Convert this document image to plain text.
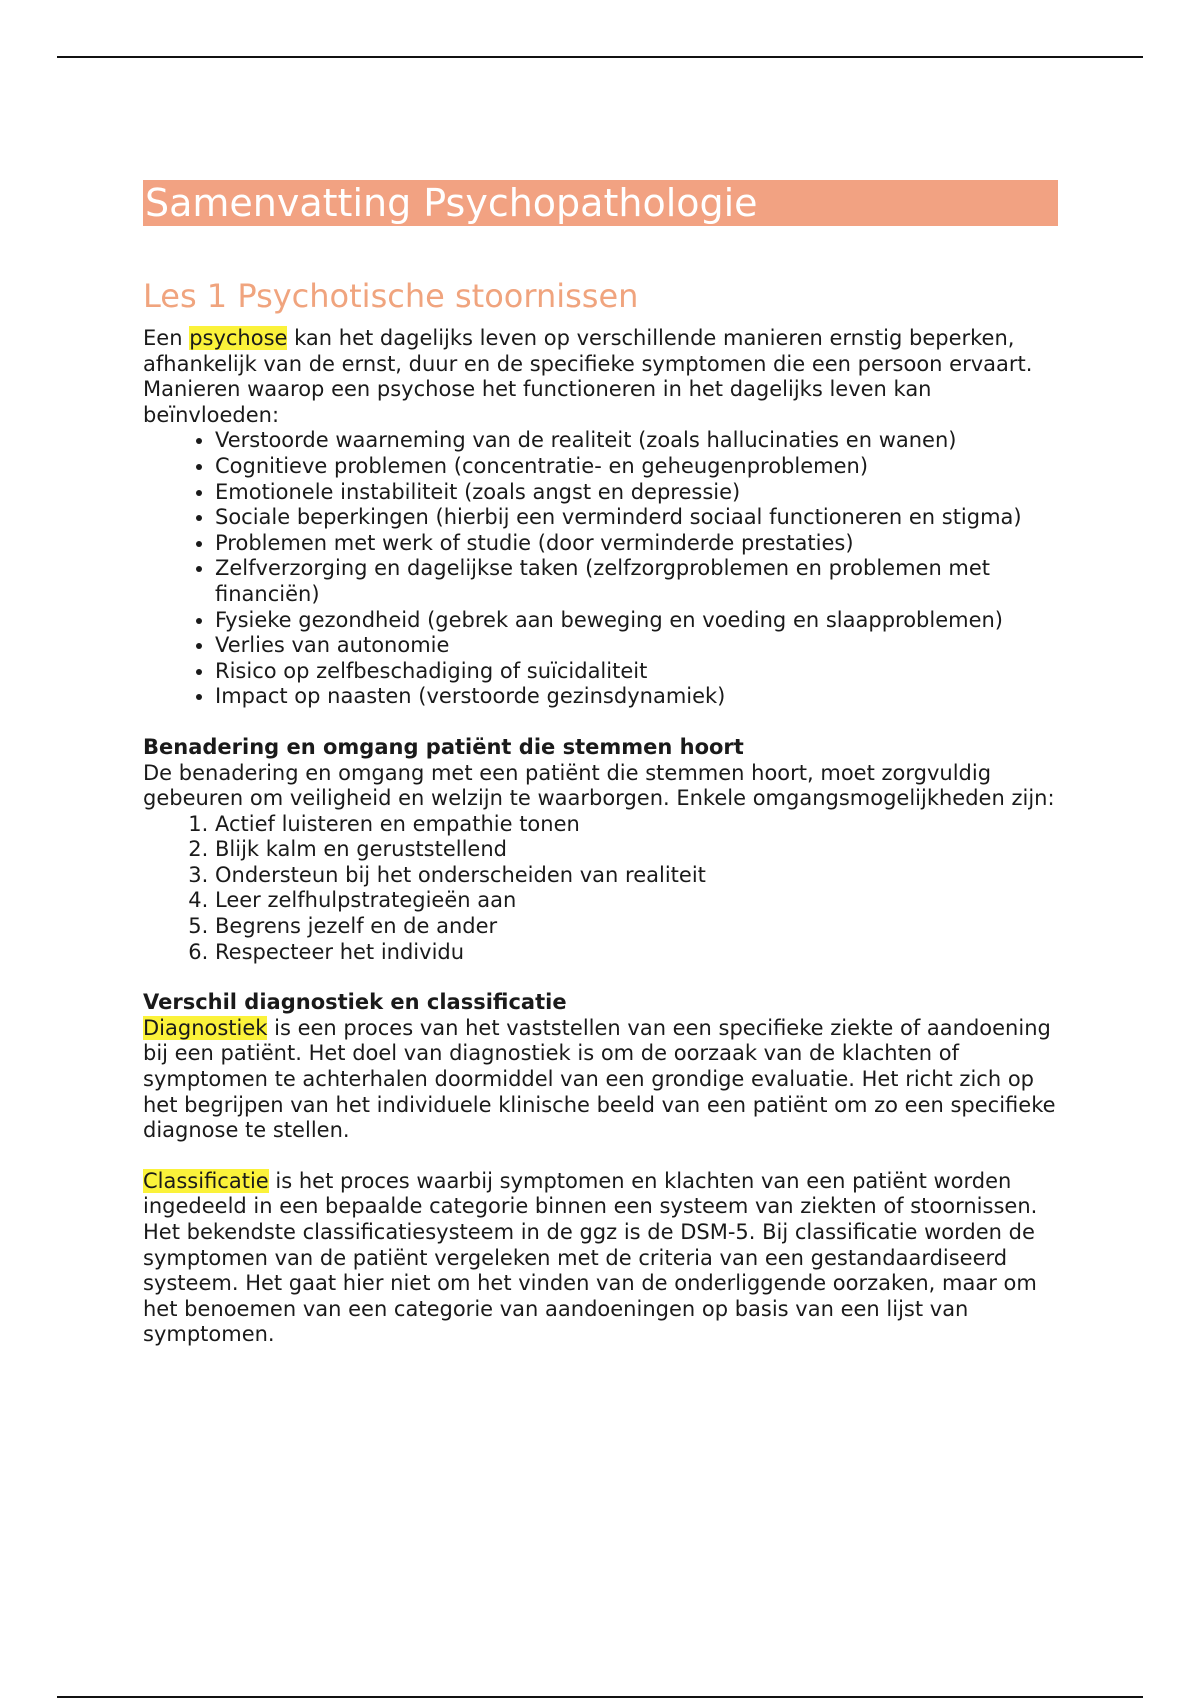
Samenvatting Psychopathologie
Les 1 Psychotische stoornissen

Een psychose kan het dagelijks leven op verschillende manieren ernstig beperken, afhankelijk van de ernst, duur en de specifieke symptomen die een persoon ervaart. Manieren waarop een psychose het functioneren in het dagelijks leven kan beïnvloeden:

• Verstoorde waarneming van de realiteit (zoals hallucinaties en wanen)
• Cognitieve problemen (concentratie- en geheugenproblemen)
• Emotionele instabiliteit (zoals angst en depressie)
• Sociale beperkingen (hierbij een verminderd sociaal functioneren en stigma)
• Problemen met werk of studie (door verminderde prestaties)
• Zelfverzorging en dagelijkse taken (zelfzorgproblemen en problemen met financiën)
• Fysieke gezondheid (gebrek aan beweging en voeding en slaapproblemen)
• Verlies van autonomie
• Risico op zelfbeschadiging of suïcidaliteit
• Impact op naasten (verstoorde gezinsdynamiek)
Benadering en omgang patiënt die stemmen hoort

De benadering en omgang met een patiënt die stemmen hoort, moet zorgvuldig gebeuren om veiligheid en welzijn te waarborgen. Enkele omgangsmogelijkheden zijn:

1. Actief luisteren en empathie tonen
2. Blijk kalm en geruststellend
3. Ondersteun bij het onderscheiden van realiteit
4. Leer zelfhulpstrategieën aan
5. Begrens jezelf en de ander
6. Respecteer het individu
Verschil diagnostiek en classificatie

Diagnostiek is een proces van het vaststellen van een specifieke ziekte of aandoening bij een patiënt. Het doel van diagnostiek is om de oorzaak van de klachten of symptomen te achterhalen doormiddel van een grondige evaluatie. Het richt zich op het begrijpen van het individuele klinische beeld van een patiënt om zo een specifieke diagnose te stellen.

Classificatie is het proces waarbij symptomen en klachten van een patiënt worden ingedeeld in een bepaalde categorie binnen een systeem van ziekten of stoornissen. Het bekendste classificatiesysteem in de ggz is de DSM-5. Bij classificatie worden de symptomen van de patiënt vergeleken met de criteria van een gestandaardiseerd systeem. Het gaat hier niet om het vinden van de onderliggende oorzaken, maar om het benoemen van een categorie van aandoeningen op basis van een lijst van symptomen.
